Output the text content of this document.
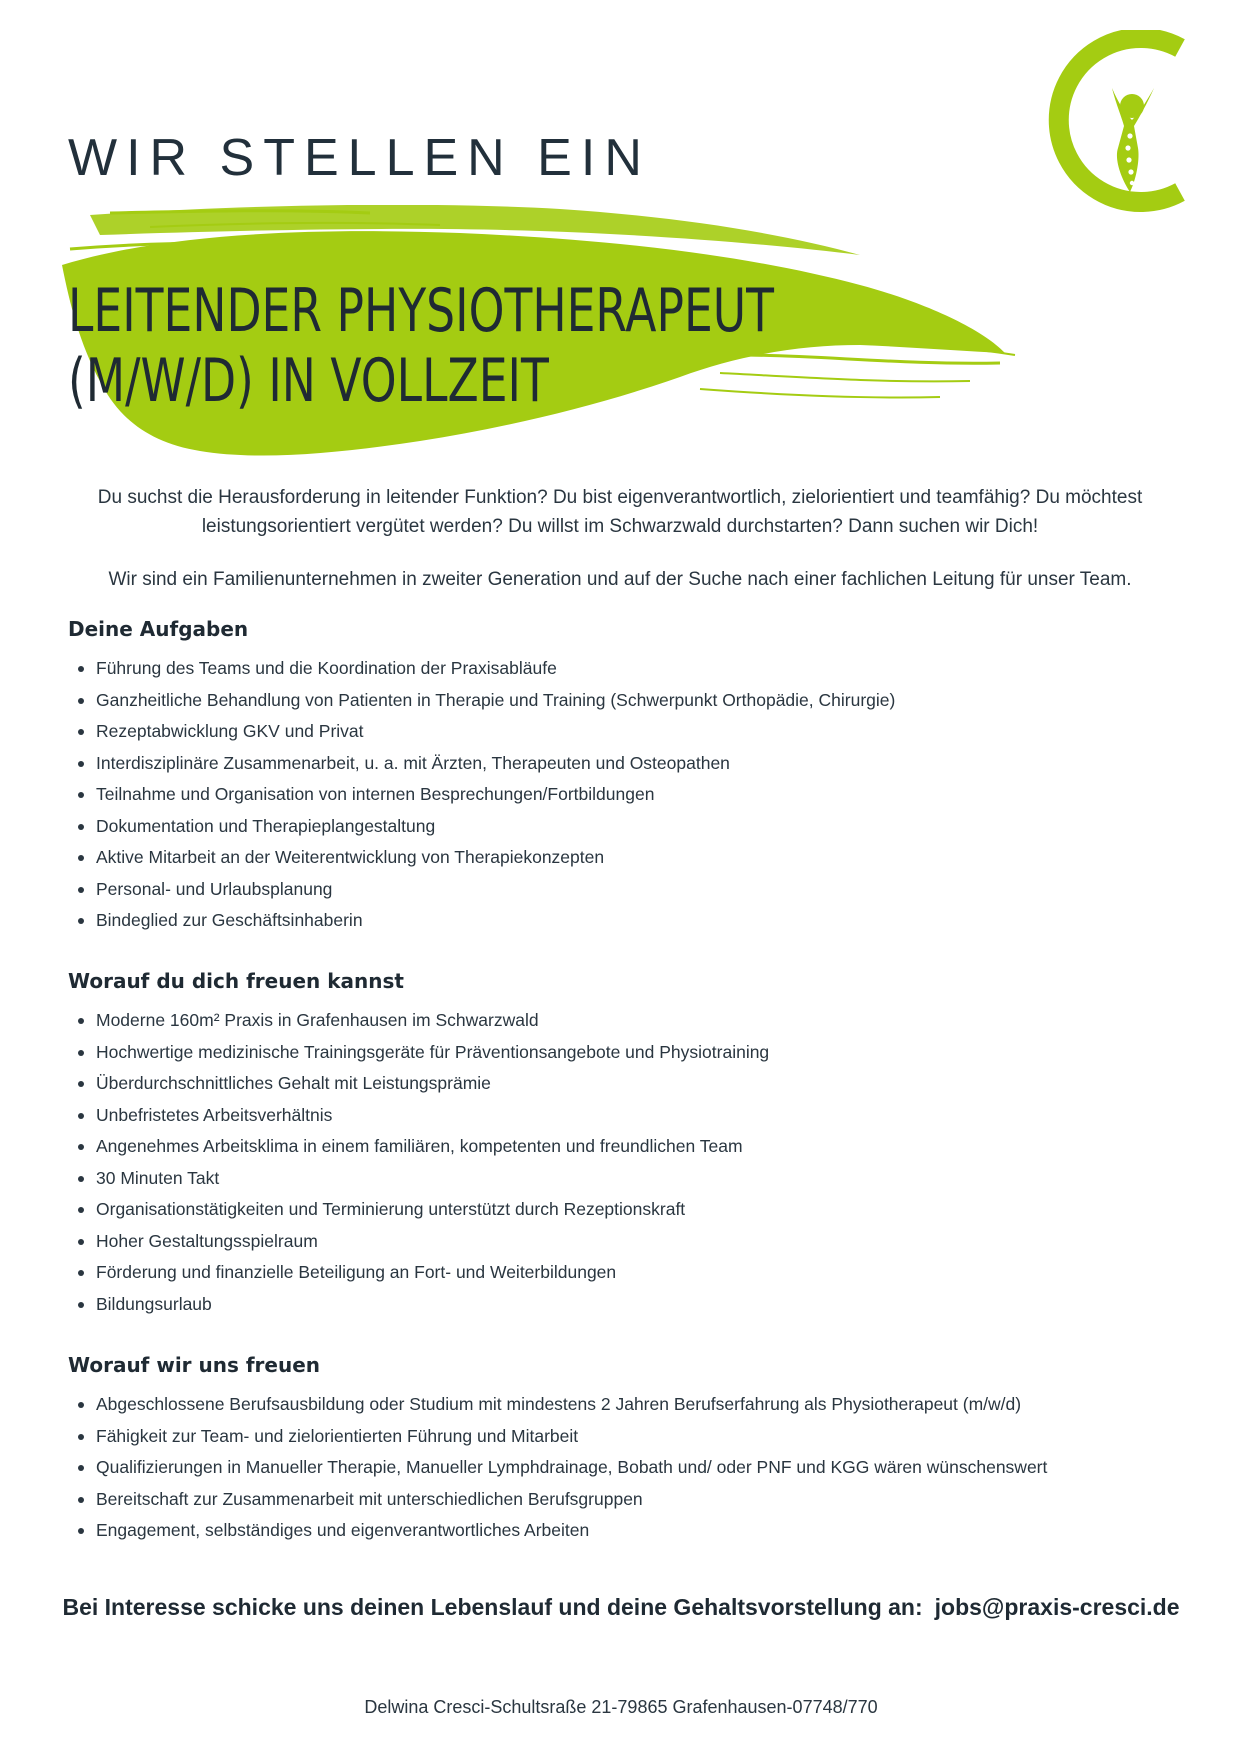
WIR STELLEN EIN
LEITENDER PHYSIOTHERAPEUT
(M/W/D) IN VOLLZEIT

Du suchst die Herausforderung in leitender Funktion? Du bist eigenverantwortlich, zielorientiert und teamfähig? Du möchtest leistungsorientiert vergütet werden? Du willst im Schwarzwald durchstarten? Dann suchen wir Dich!

Wir sind ein Familienunternehmen in zweiter Generation und auf der Suche nach einer fachlichen Leitung für unser Team.

Deine Aufgaben
Führung des Teams und die Koordination der Praxisabläufe
Ganzheitliche Behandlung von Patienten in Therapie und Training (Schwerpunkt Orthopädie, Chirurgie)
Rezeptabwicklung GKV und Privat
Interdisziplinäre Zusammenarbeit, u. a. mit Ärzten, Therapeuten und Osteopathen
Teilnahme und Organisation von internen Besprechungen/Fortbildungen
Dokumentation und Therapieplangestaltung
Aktive Mitarbeit an der Weiterentwicklung von Therapiekonzepten
Personal- und Urlaubsplanung
Bindeglied zur Geschäftsinhaberin
Worauf du dich freuen kannst
Moderne 160m² Praxis in Grafenhausen im Schwarzwald
Hochwertige medizinische Trainingsgeräte für Präventionsangebote und Physiotraining
Überdurchschnittliches Gehalt mit Leistungsprämie
Unbefristetes Arbeitsverhältnis
Angenehmes Arbeitsklima in einem familiären, kompetenten und freundlichen Team
30 Minuten Takt
Organisationstätigkeiten und Terminierung unterstützt durch Rezeptionskraft
Hoher Gestaltungsspielraum
Förderung und finanzielle Beteiligung an Fort- und Weiterbildungen
Bildungsurlaub
Worauf wir uns freuen
Abgeschlossene Berufsausbildung oder Studium mit mindestens 2 Jahren Berufserfahrung als Physiotherapeut (m/w/d)
Fähigkeit zur Team- und zielorientierten Führung und Mitarbeit
Qualifizierungen in Manueller Therapie, Manueller Lymphdrainage, Bobath und/ oder PNF und KGG wären wünschenswert
Bereitschaft zur Zusammenarbeit mit unterschiedlichen Berufsgruppen
Engagement, selbständiges und eigenverantwortliches Arbeiten

Bei Interesse schicke uns deinen Lebenslauf und deine Gehaltsvorstellung an: jobs@praxis-cresci.de

Delwina Cresci-Schultsraße 21-79865 Grafenhausen-07748/770
